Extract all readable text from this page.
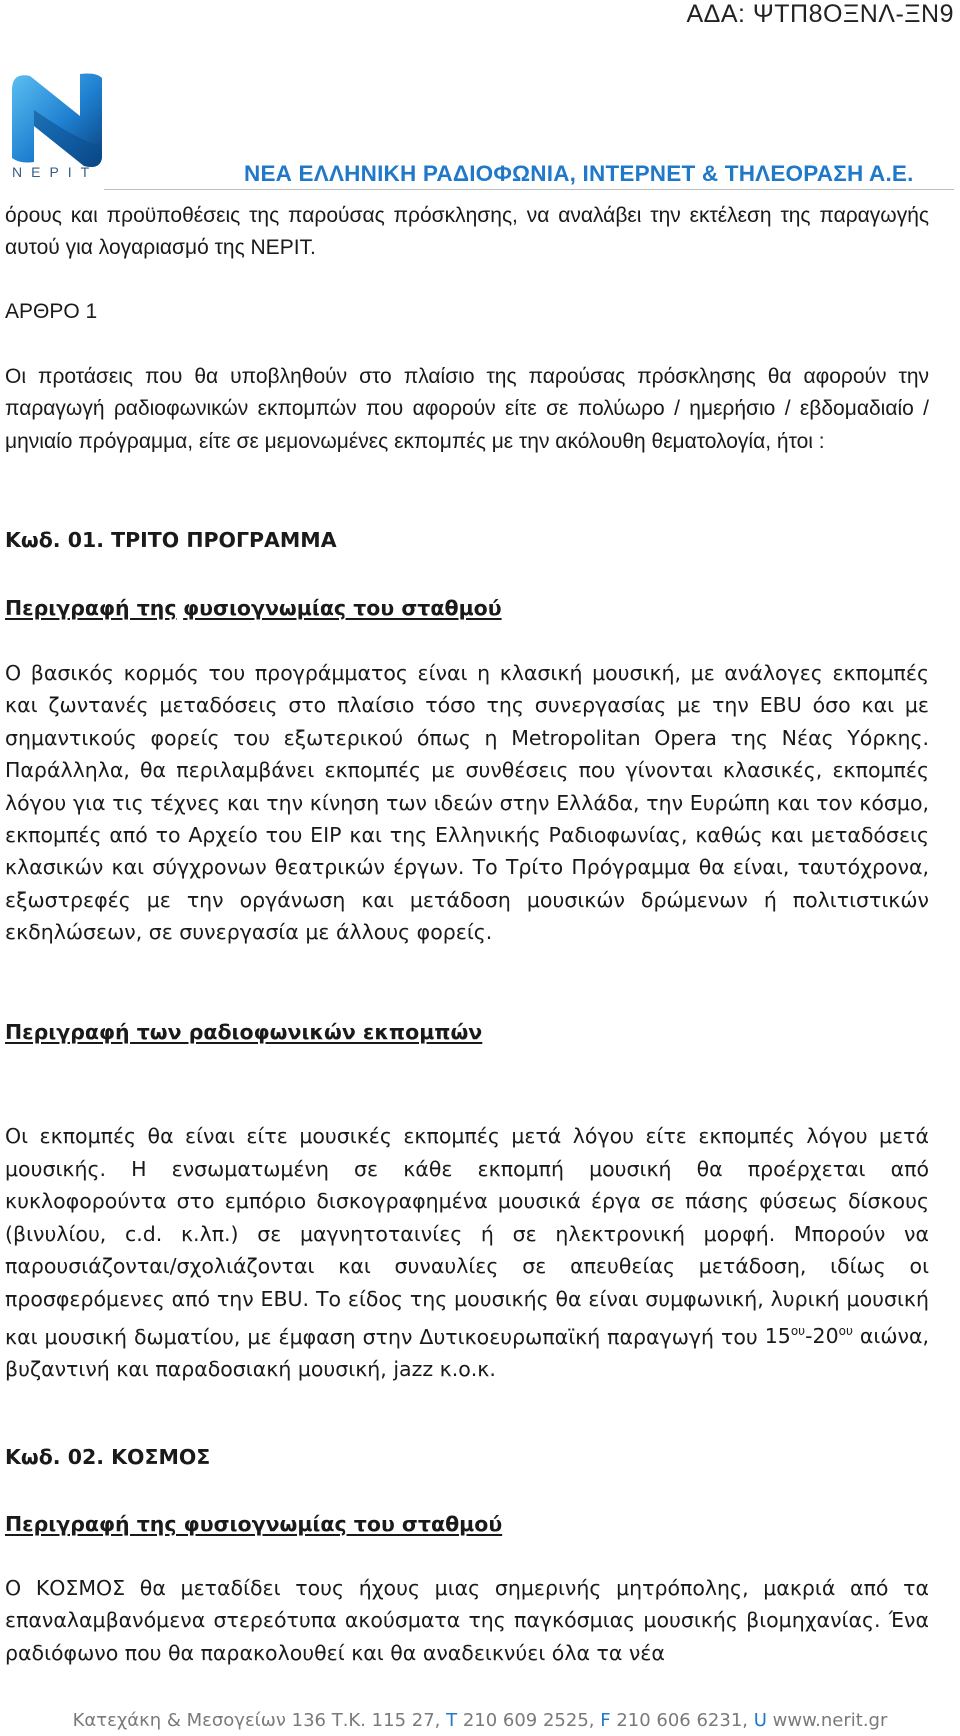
ΑΔΑ: ΨΤΠ8ΟΞΝΛ-ΞΝ9
ΝΕΡΙΤ	ΝΕΑ ΕΛΛΗΝΙΚΗ ΡΑΔΙΟΦΩΝΙΑ, ΙΝΤΕΡΝΕΤ & ΤΗΛΕΟΡΑΣΗ Α.Ε.
όρους και προϋποθέσεις της παρούσας πρόσκλησης, να αναλάβει την εκτέλεση της παραγωγής αυτού για λογαριασμό της ΝΕΡΙΤ.
ΑΡΘΡΟ 1
Οι προτάσεις που θα υποβληθούν στο πλαίσιο της παρούσας πρόσκλησης θα αφορούν την παραγωγή ραδιοφωνικών εκπομπών που αφορούν είτε σε πολύωρο / ημερήσιο / εβδομαδιαίο /μηνιαίο πρόγραμμα, είτε σε μεμονωμένες εκπομπές με την ακόλουθη θεματολογία, ήτοι :
Κωδ. 01. ΤΡΙΤΟ ΠΡΟΓΡΑΜΜΑ
Περιγραφή της φυσιογνωμίας του σταθμού
Ο βασικός κορμός του προγράμματος είναι η κλασική μουσική, με ανάλογες εκπομπές και ζωντανές μεταδόσεις στο πλαίσιο τόσο της συνεργασίας με την EBU όσο και με σημαντικούς φορείς του εξωτερικού όπως η Metropolitan Opera της Νέας Υόρκης. Παράλληλα, θα περιλαμβάνει εκπομπές με συνθέσεις που γίνονται κλασικές, εκπομπές λόγου για τις τέχνες και την κίνηση των ιδεών στην Ελλάδα, την Ευρώπη και τον κόσμο, εκπομπές από το Αρχείο του ΕΙΡ και της Ελληνικής Ραδιοφωνίας, καθώς και μεταδόσεις κλασικών και σύγχρονων θεατρικών έργων. Το Τρίτο Πρόγραμμα θα είναι, ταυτόχρονα, εξωστρεφές με την οργάνωση και μετάδοση μουσικών δρώμενων ή πολιτιστικών εκδηλώσεων, σε συνεργασία με άλλους φορείς.
Περιγραφή των ραδιοφωνικών εκπομπών
Οι εκπομπές θα είναι είτε μουσικές εκπομπές μετά λόγου είτε εκπομπές λόγου μετά μουσικής. Η ενσωματωμένη σε κάθε εκπομπή μουσική θα προέρχεται από κυκλοφορούντα στο εμπόριο δισκογραφημένα μουσικά έργα σε πάσης φύσεως δίσκους (βινυλίου, c.d. κ.λπ.) σε μαγνητοταινίες ή σε ηλεκτρονική μορφή. Μπορούν να παρουσιάζονται/σχολιάζονται και συναυλίες σε απευθείας μετάδοση, ιδίως οι προσφερόμενες από την EBU. Το είδος της μουσικής θα είναι συμφωνική, λυρική μουσική και μουσική δωματίου, με έμφαση στην Δυτικοευρωπαϊκή παραγωγή του $15^{o\upsilon}-20^{o\upsilon}$ αιώνα, βυζαντινή και παραδοσιακή μουσική, jazz κ.ο.κ.
Κωδ. 02. ΚΟΣΜΟΣ
Περιγραφή της φυσιογνωμίας του σταθμού
Ο ΚΟΣΜΟΣ θα μεταδίδει τους ήχους μιας σημερινής μητρόπολης, μακριά από τα επαναλαμβανόμενα στερεότυπα ακούσματα της παγκόσμιας μουσικής βιομηχανίας. Ένα ραδιόφωνο που θα παρακολουθεί και θα αναδεικνύει όλα τα νέα
Κατεχάκη & Μεσογείων 136 Τ.Κ. 115 27, T 210 609 2525, F 210 606 6231, U www.nerit.gr
